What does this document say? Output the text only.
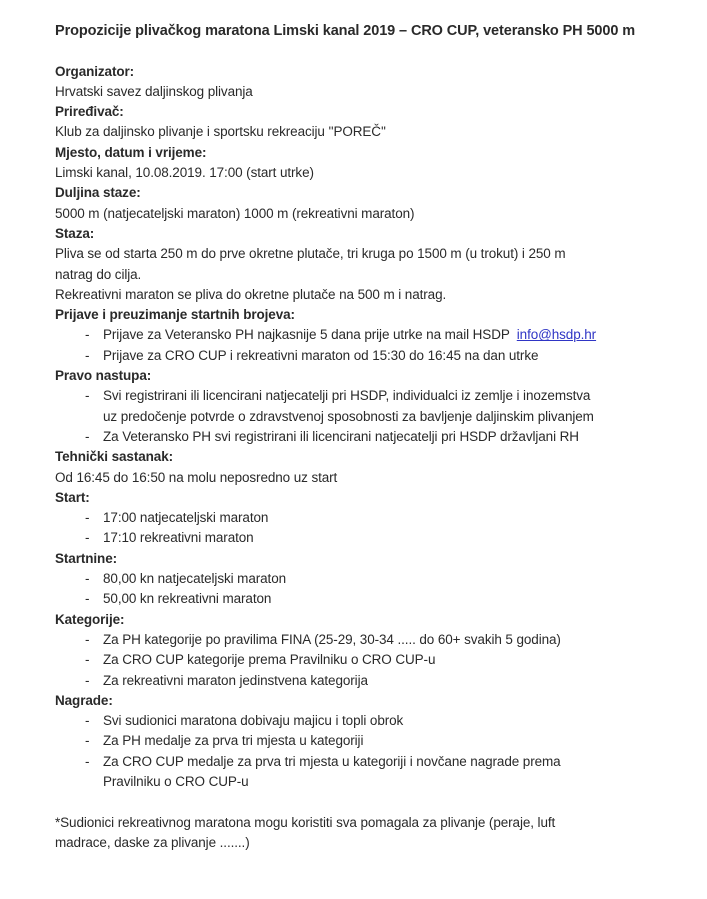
Propozicije plivačkog maratona Limski kanal 2019 – CRO CUP, veteransko PH 5000 m
Organizator:
Hrvatski savez daljinskog plivanja
Priređivač:
Klub za daljinsko plivanje i sportsku rekreaciju ''POREČ''
Mjesto, datum i vrijeme:
Limski kanal, 10.08.2019. 17:00 (start utrke)
Duljina staze:
5000 m (natjecateljski maraton) 1000 m (rekreativni maraton)
Staza:
Pliva se od starta 250 m do prve okretne plutače, tri kruga po 1500 m (u trokut) i 250 m
natrag do cilja.
Rekreativni maraton se pliva do okretne plutače na 500 m i natrag.
Prijave i preuzimanje startnih brojeva:
- Prijave za Veteransko PH najkasnije 5 dana prije utrke na mail HSDP info@hsdp.hr
- Prijave za CRO CUP i rekreativni maraton od 15:30 do 16:45 na dan utrke
Pravo nastupa:
- Svi registrirani ili licencirani natjecatelji pri HSDP, individualci iz zemlje i inozemstva
uz predočenje potvrde o zdravstvenoj sposobnosti za bavljenje daljinskim plivanjem
- Za Veteransko PH svi registrirani ili licencirani natjecatelji pri HSDP državljani RH
Tehnički sastanak:
Od 16:45 do 16:50 na molu neposredno uz start
Start:
- 17:00 natjecateljski maraton
- 17:10 rekreativni maraton
Startnine:
- 80,00 kn natjecateljski maraton
- 50,00 kn rekreativni maraton
Kategorije:
- Za PH kategorije po pravilima FINA (25-29, 30-34 ..... do 60+ svakih 5 godina)
- Za CRO CUP kategorije prema Pravilniku o CRO CUP-u
- Za rekreativni maraton jedinstvena kategorija
Nagrade:
- Svi sudionici maratona dobivaju majicu i topli obrok
- Za PH medalje za prva tri mjesta u kategoriji
- Za CRO CUP medalje za prva tri mjesta u kategoriji i novčane nagrade prema
Pravilniku o CRO CUP-u
*Sudionici rekreativnog maratona mogu koristiti sva pomagala za plivanje (peraje, luft
madrace, daske za plivanje .......)
